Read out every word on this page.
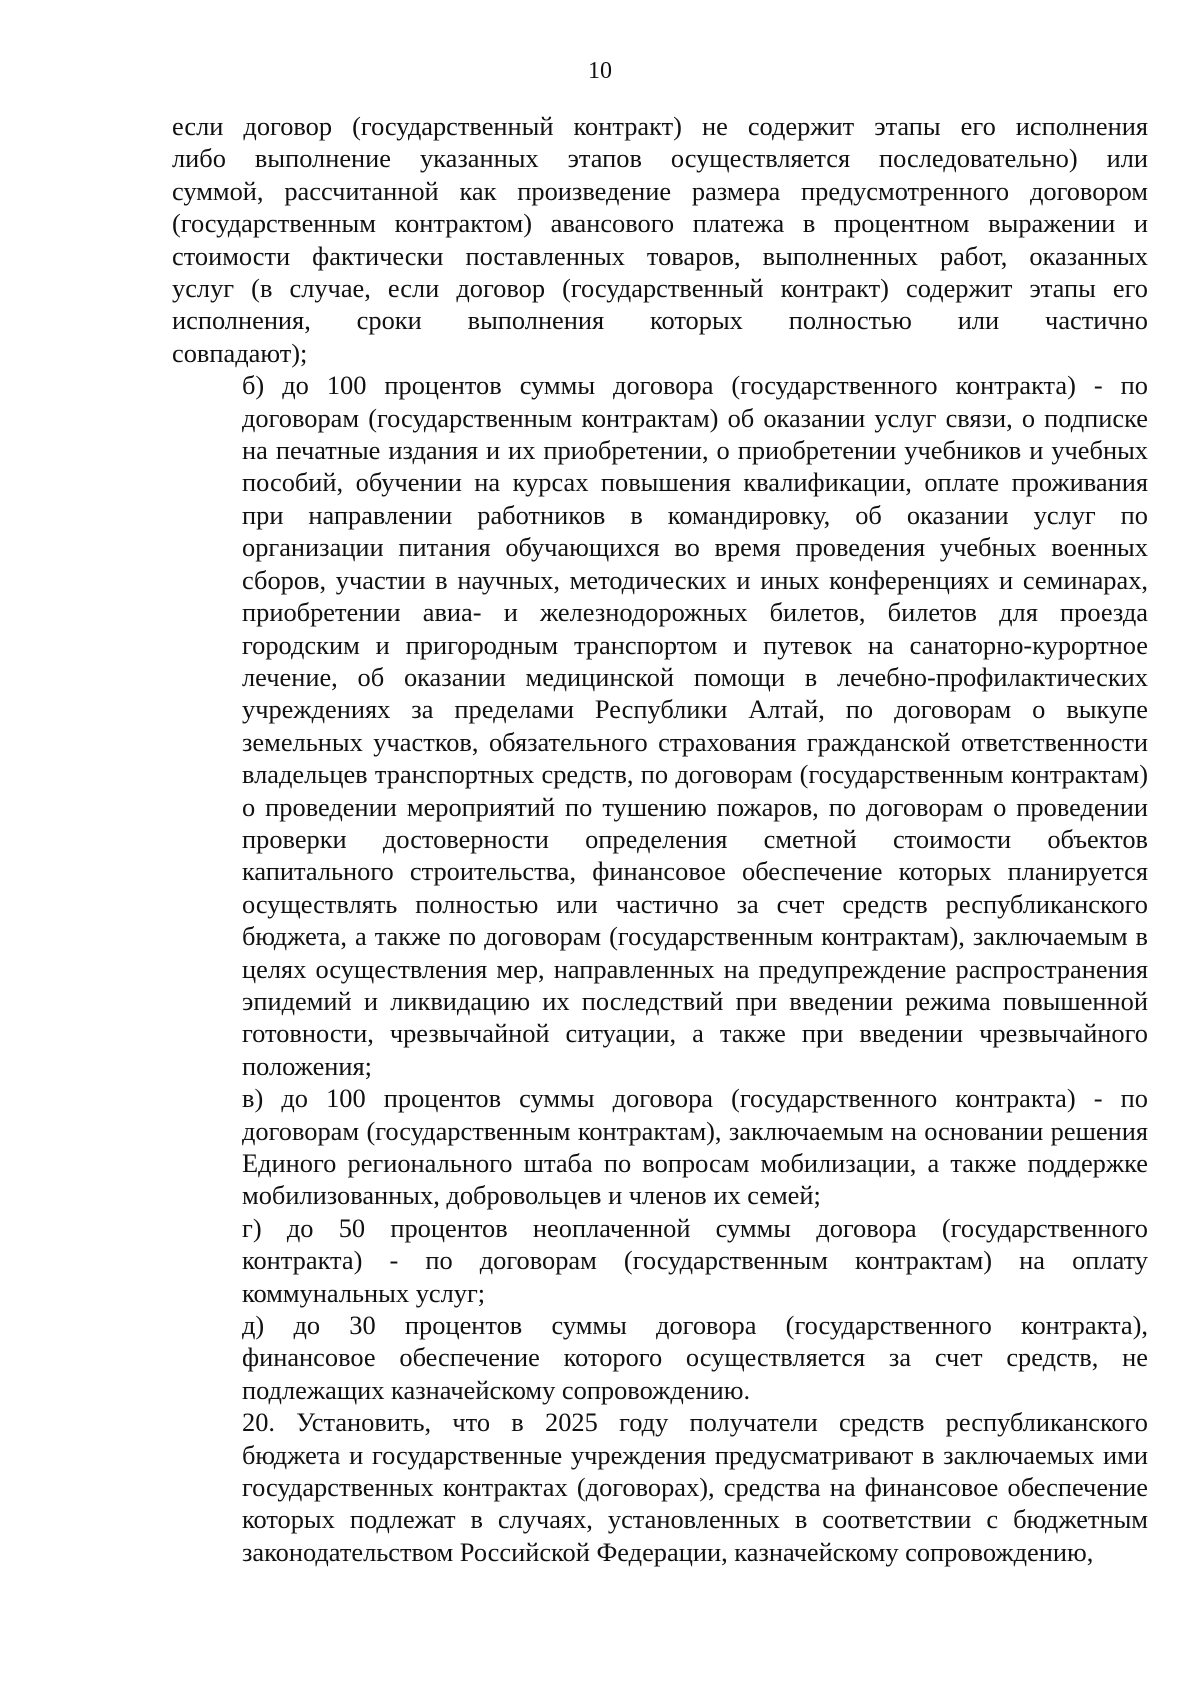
10
если договор (государственный контракт) не содержит этапы его исполнения
либо выполнение указанных этапов осуществляется последовательно) или
суммой, рассчитанной как произведение размера предусмотренного договором
(государственным контрактом) авансового платежа в процентном выражении и
стоимости фактически поставленных товаров, выполненных работ, оказанных
услуг (в случае, если договор (государственный контракт) содержит этапы его
исполнения, сроки выполнения которых полностью или частично
совпадают);
б) до 100 процентов суммы договора (государственного контракта) - по
договорам (государственным контрактам) об оказании услуг связи, о подписке
на печатные издания и их приобретении, о приобретении учебников и учебных
пособий, обучении на курсах повышения квалификации, оплате проживания
при направлении работников в командировку, об оказании услуг по
организации питания обучающихся во время проведения учебных военных
сборов, участии в научных, методических и иных конференциях и семинарах,
приобретении авиа- и железнодорожных билетов, билетов для проезда
городским и пригородным транспортом и путевок на санаторно-курортное
лечение, об оказании медицинской помощи в лечебно-профилактических
учреждениях за пределами Республики Алтай, по договорам о выкупе
земельных участков, обязательного страхования гражданской ответственности
владельцев транспортных средств, по договорам (государственным контрактам)
о проведении мероприятий по тушению пожаров, по договорам о проведении
проверки достоверности определения сметной стоимости объектов
капитального строительства, финансовое обеспечение которых планируется
осуществлять полностью или частично за счет средств республиканского
бюджета, а также по договорам (государственным контрактам), заключаемым в
целях осуществления мер, направленных на предупреждение распространения
эпидемий и ликвидацию их последствий при введении режима повышенной
готовности, чрезвычайной ситуации, а также при введении чрезвычайного
положения;
в) до 100 процентов суммы договора (государственного контракта) - по
договорам (государственным контрактам), заключаемым на основании решения
Единого регионального штаба по вопросам мобилизации, а также поддержке
мобилизованных, добровольцев и членов их семей;
г) до 50 процентов неоплаченной суммы договора (государственного
контракта) - по договорам (государственным контрактам) на оплату
коммунальных услуг;
д) до 30 процентов суммы договора (государственного контракта),
финансовое обеспечение которого осуществляется за счет средств, не
подлежащих казначейскому сопровождению.
20. Установить, что в 2025 году получатели средств республиканского
бюджета и государственные учреждения предусматривают в заключаемых ими
государственных контрактах (договорах), средства на финансовое обеспечение
которых подлежат в случаях, установленных в соответствии с бюджетным
законодательством Российской Федерации, казначейскому сопровождению,
